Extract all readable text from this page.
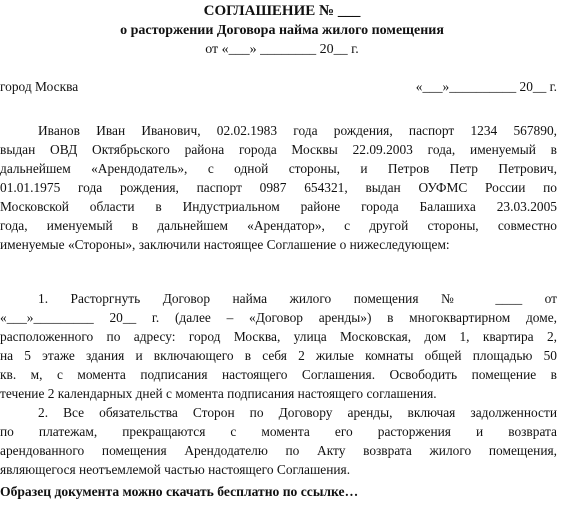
СОГЛАШЕНИЕ № ___
о расторжении Договора найма жилого помещения
от «___» ________ 20__ г.
город Москва	«___»__________ 20__ г.
Иванов Иван Иванович, 02.02.1983 года рождения, паспорт 1234 567890,
выдан ОВД Октябрьского района города Москвы 22.09.2003 года, именуемый в
дальнейшем «Арендодатель», с одной стороны, и Петров Петр Петрович,
01.01.1975 года рождения, паспорт 0987 654321, выдан ОУФМС России по
Московской области в Индустриальном районе города Балашиха 23.03.2005
года, именуемый в дальнейшем «Арендатор», с другой стороны, совместно
именуемые «Стороны», заключили настоящее Соглашение о нижеследующем:
1. Расторгнуть Договор найма жилого помещения № ____ от
«___»_________ 20__ г. (далее – «Договор аренды») в многоквартирном доме,
расположенного по адресу: город Москва, улица Московская, дом 1, квартира 2,
на 5 этаже здания и включающего в себя 2 жилые комнаты общей площадью 50
кв. м, с момента подписания настоящего Соглашения. Освободить помещение в
течение 2 календарных дней с момента подписания настоящего соглашения.
2. Все обязательства Сторон по Договору аренды, включая задолженности
по платежам, прекращаются с момента его расторжения и возврата
арендованного помещения Арендодателю по Акту возврата жилого помещения,
являющегося неотъемлемой частью настоящего Соглашения.
Образец документа можно скачать бесплатно по ссылке…
